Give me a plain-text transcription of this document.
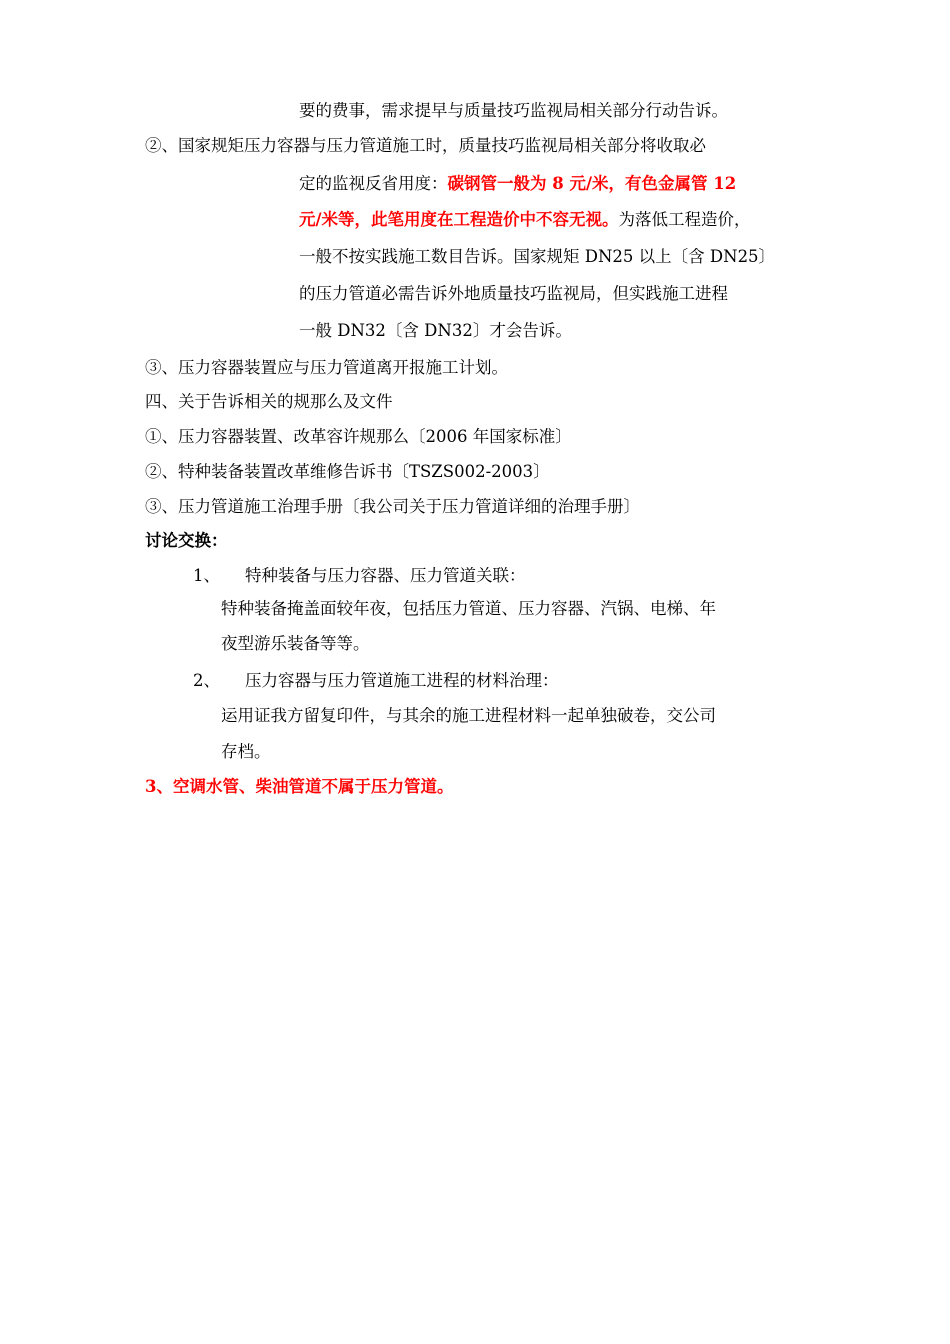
要的费事，需求提早与质量技巧监视局相关部分行动告诉。
②、国家规矩压力容器与压力管道施工时，质量技巧监视局相关部分将收取必
定的监视反省用度：碳钢管一般为 8 元/米，有色金属管 12
元/米等，此笔用度在工程造价中不容无视。为落低工程造价，
一般不按实践施工数目告诉。国家规矩 DN25 以上〔含 DN25〕
的压力管道必需告诉外地质量技巧监视局，但实践施工进程
一般 DN32〔含 DN32〕才会告诉。
③、压力容器装置应与压力管道离开报施工计划。
四、关于告诉相关的规那么及文件
①、压力容器装置、改革容许规那么〔2006 年国家标准〕
②、特种装备装置改革维修告诉书〔TSZS002-2003〕
③、压力管道施工治理手册〔我公司关于压力管道详细的治理手册〕
讨论交换：
1、 特种装备与压力容器、压力管道关联：
特种装备掩盖面较年夜，包括压力管道、压力容器、汽锅、电梯、年
夜型游乐装备等等。
2、 压力容器与压力管道施工进程的材料治理：
运用证我方留复印件，与其余的施工进程材料一起单独破卷，交公司
存档。
3、空调水管、柴油管道不属于压力管道。
